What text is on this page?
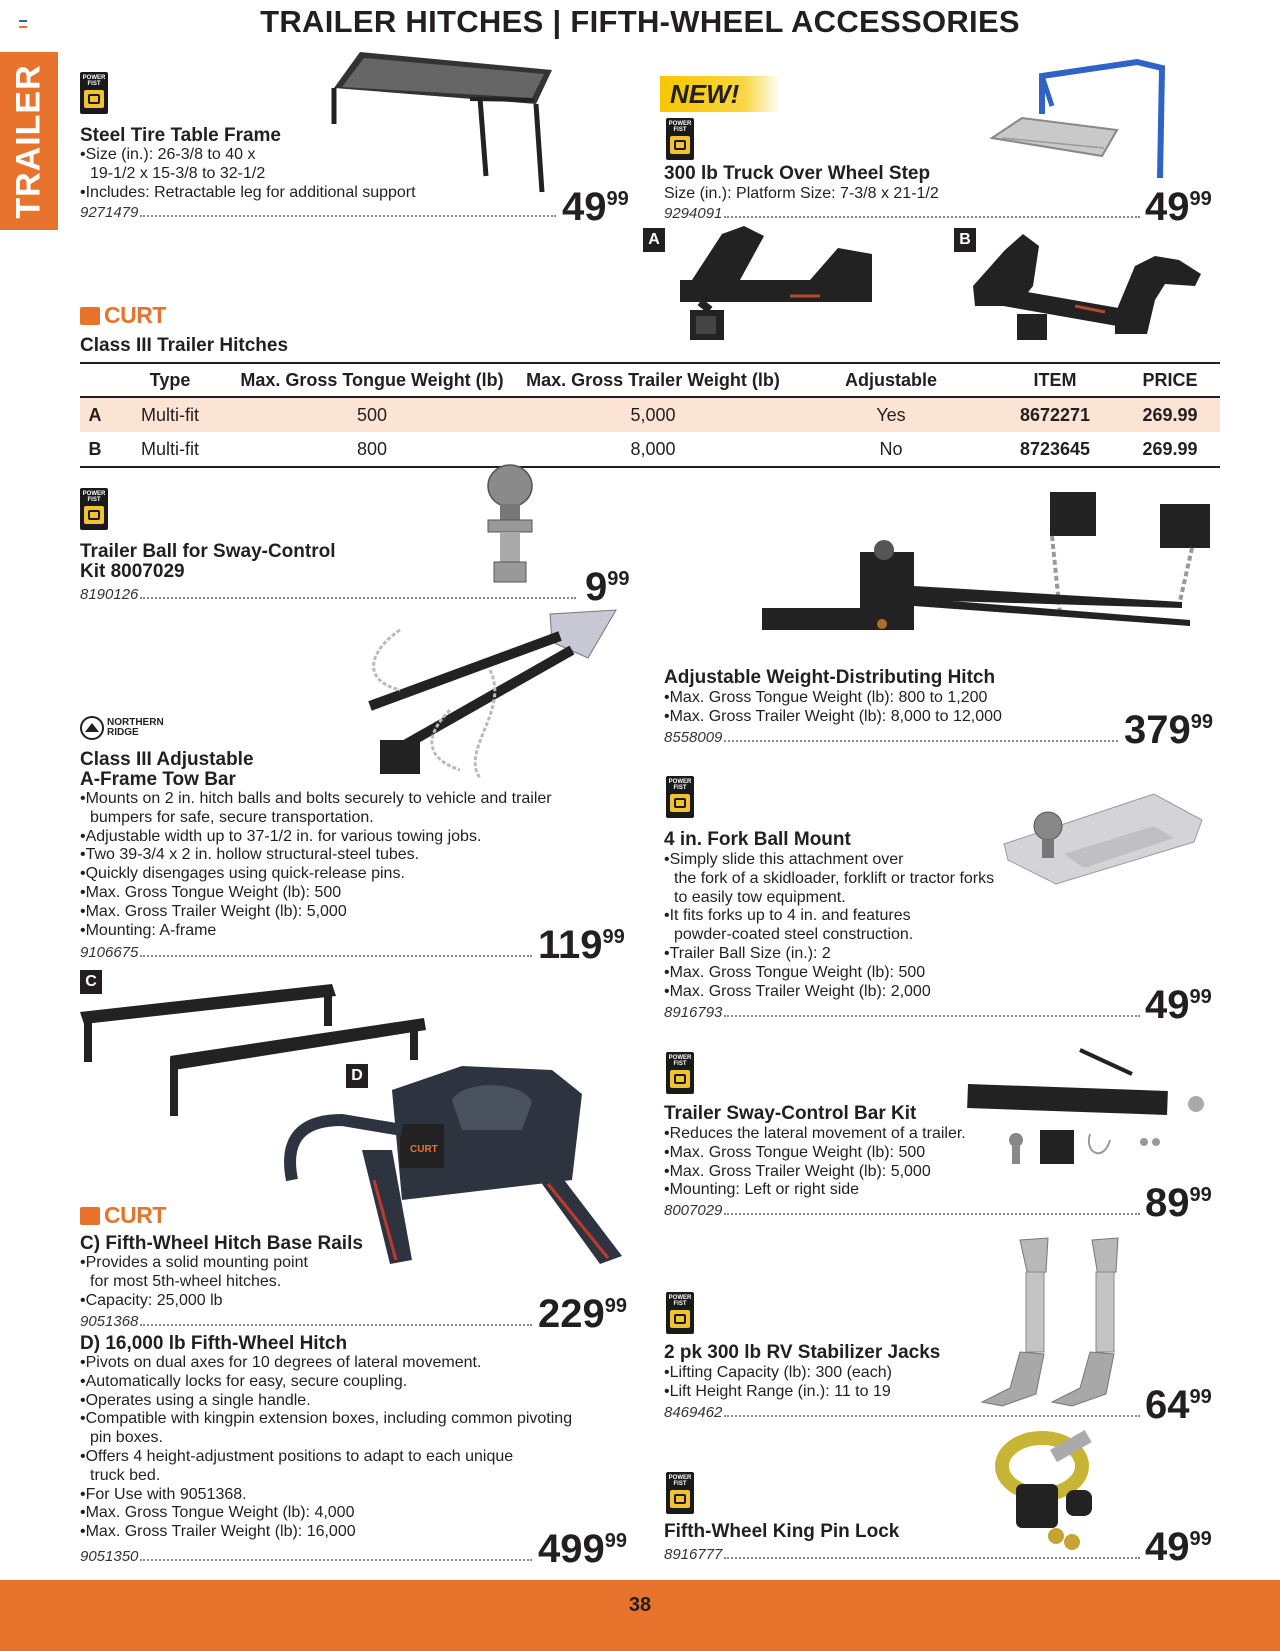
TRAILER HITCHES | FIFTH-WHEEL ACCESSORIES
TRAILER	POWER FIST
Steel Tire Table Frame
•Size (in.): 26-3/8 to 40 x
19-1/2 x 15-3/8 to 32-1/2
•Includes: Retractable leg for additional support
9271479	$49^{99}$
NEW!
POWER FIST
300 lb Truck Over Wheel Step
Size (in.): Platform Size: 7-3/8 x 21-1/2
9294091	$49^{99}$
A	B
CURT
Class III Trailer Hitches
	Type	Max. Gross Tongue Weight (lb)	Max. Gross Trailer Weight (lb)	Adjustable	ITEM	PRICE
A	Multi-fit	500	5,000	Yes	8672271	269.99
B	Multi-fit	800	8,000	No	8723645	269.99
POWER FIST
Trailer Ball for Sway-Control
Kit 8007029
8190126	$9^{99}$
Adjustable Weight-Distributing Hitch
•Max. Gross Tongue Weight (lb): 800 to 1,200
•Max. Gross Trailer Weight (lb): 8,000 to 12,000
8558009	$379^{99}$
NORTHERN RIDGE
Class III Adjustable
A-Frame Tow Bar
•Mounts on 2 in. hitch balls and bolts securely to vehicle and trailer
bumpers for safe, secure transportation.
•Adjustable width up to 37-1/2 in. for various towing jobs.
•Two 39-3/4 x 2 in. hollow structural-steel tubes.
•Quickly disengages using quick-release pins.
•Max. Gross Tongue Weight (lb): 500
•Max. Gross Trailer Weight (lb): 5,000
•Mounting: A-frame
9106675	$119^{99}$
POWER FIST
4 in. Fork Ball Mount
•Simply slide this attachment over
the fork of a skidloader, forklift or tractor forks
to easily tow equipment.
•It fits forks up to 4 in. and features
powder-coated steel construction.
•Trailer Ball Size (in.): 2
•Max. Gross Tongue Weight (lb): 500
•Max. Gross Trailer Weight (lb): 2,000
8916793	$49^{99}$
C
D
CURT
POWER FIST
Trailer Sway-Control Bar Kit
•Reduces the lateral movement of a trailer.
•Max. Gross Tongue Weight (lb): 500
•Max. Gross Trailer Weight (lb): 5,000
•Mounting: Left or right side
8007029	$89^{99}$
CURT
C) Fifth-Wheel Hitch Base Rails
•Provides a solid mounting point
for most 5th-wheel hitches.
•Capacity: 25,000 lb
9051368	$229^{99}$
D) 16,000 lb Fifth-Wheel Hitch
•Pivots on dual axes for 10 degrees of lateral movement.
•Automatically locks for easy, secure coupling.
•Operates using a single handle.
•Compatible with kingpin extension boxes, including common pivoting
pin boxes.
•Offers 4 height-adjustment positions to adapt to each unique
truck bed.
•For Use with 9051368.
•Max. Gross Tongue Weight (lb): 4,000
•Max. Gross Trailer Weight (lb): 16,000
9051350	$499^{99}$
POWER FIST
2 pk 300 lb RV Stabilizer Jacks
•Lifting Capacity (lb): 300 (each)
•Lift Height Range (in.): 11 to 19
8469462	$64^{99}$
POWER FIST
Fifth-Wheel King Pin Lock
8916777	$49^{99}$
38
